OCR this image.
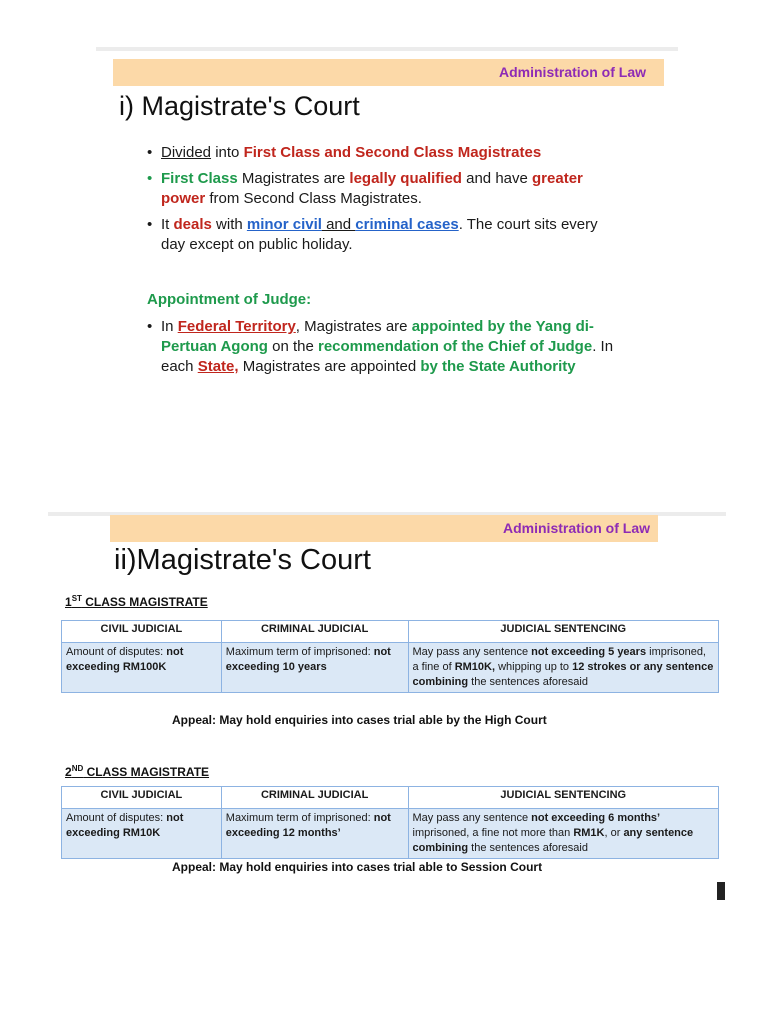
Administration of Law
i) Magistrate's Court
• Divided into First Class and Second Class Magistrates
• First Class Magistrates are legally qualified and have greater power from Second Class Magistrates.
• It deals with minor civil and criminal cases. The court sits every day except on public holiday.
Appointment of Judge:
• In Federal Territory, Magistrates are appointed by the Yang di-Pertuan Agong on the recommendation of the Chief of Judge. In each State, Magistrates are appointed by the State Authority
Administration of Law
ii)Magistrate's Court
1ST CLASS MAGISTRATE
CIVIL JUDICIAL	CRIMINAL JUDICIAL	JUDICIAL SENTENCING
Amount of disputes: not exceeding RM100K	Maximum term of imprisoned: not exceeding 10 years	May pass any sentence not exceeding 5 years imprisoned, a fine of RM10K, whipping up to 12 strokes or any sentence combining the sentences aforesaid
Appeal: May hold enquiries into cases trial able by the High Court
2ND CLASS MAGISTRATE
CIVIL JUDICIAL	CRIMINAL JUDICIAL	JUDICIAL SENTENCING
Amount of disputes: not exceeding RM10K	Maximum term of imprisoned: not exceeding 12 months’	May pass any sentence not exceeding 6 months’ imprisoned, a fine not more than RM1K, or any sentence combining the sentences aforesaid
Appeal: May hold enquiries into cases trial able to Session Court
